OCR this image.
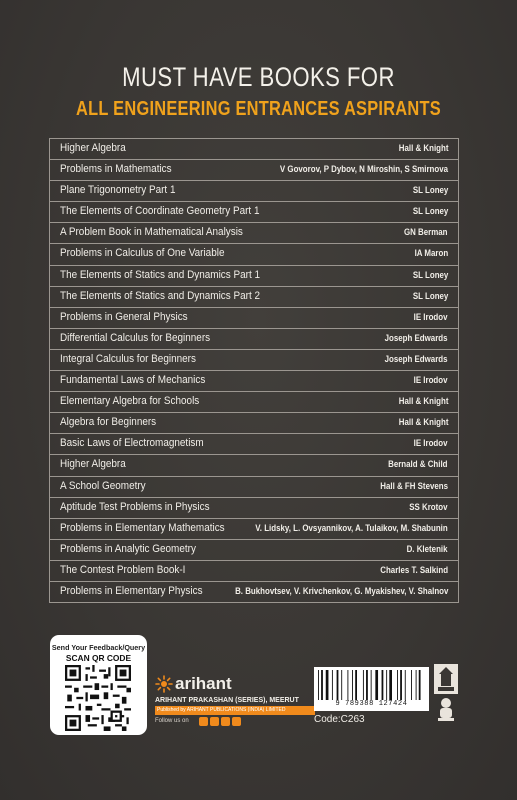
MUST HAVE BOOKS FOR
ALL ENGINEERING ENTRANCES ASPIRANTS
Higher Algebra	Hall & Knight
Problems in Mathematics	V Govorov, P Dybov, N Miroshin, S Smirnova
Plane Trigonometry Part 1	SL Loney
The Elements of Coordinate Geometry Part 1	SL Loney
A Problem Book in Mathematical Analysis	GN Berman
Problems in Calculus of One Variable	IA Maron
The Elements of Statics and Dynamics Part 1	SL Loney
The Elements of Statics and Dynamics Part 2	SL Loney
Problems in General Physics	IE Irodov
Differential Calculus for Beginners	Joseph Edwards
Integral Calculus for Beginners	Joseph Edwards
Fundamental Laws of Mechanics	IE Irodov
Elementary Algebra for Schools	Hall & Knight
Algebra for Beginners	Hall & Knight
Basic Laws of Electromagnetism	IE Irodov
Higher Algebra	Bernald & Child
A School Geometry	Hall & FH Stevens
Aptitude Test Problems in Physics	SS Krotov
Problems in Elementary Mathematics	V. Lidsky, L. Ovsyannikov, A. Tulaikov, M. Shabunin
Problems in Analytic Geometry	D. Kletenik
The Contest Problem Book-I	Charles T. Salkind
Problems in Elementary Physics	B. Bukhovtsev, V. Krivchenkov, G. Myakishev, V. Shalnov
Send Your Feedback/Query
SCAN QR CODE
arihant
ARIHANT PRAKASHAN (SERIES), MEERUT
Published by ARIHANT PUBLICATIONS (INDIA) LIMITED
Follow us on
9 789388 127424
Code:C263
